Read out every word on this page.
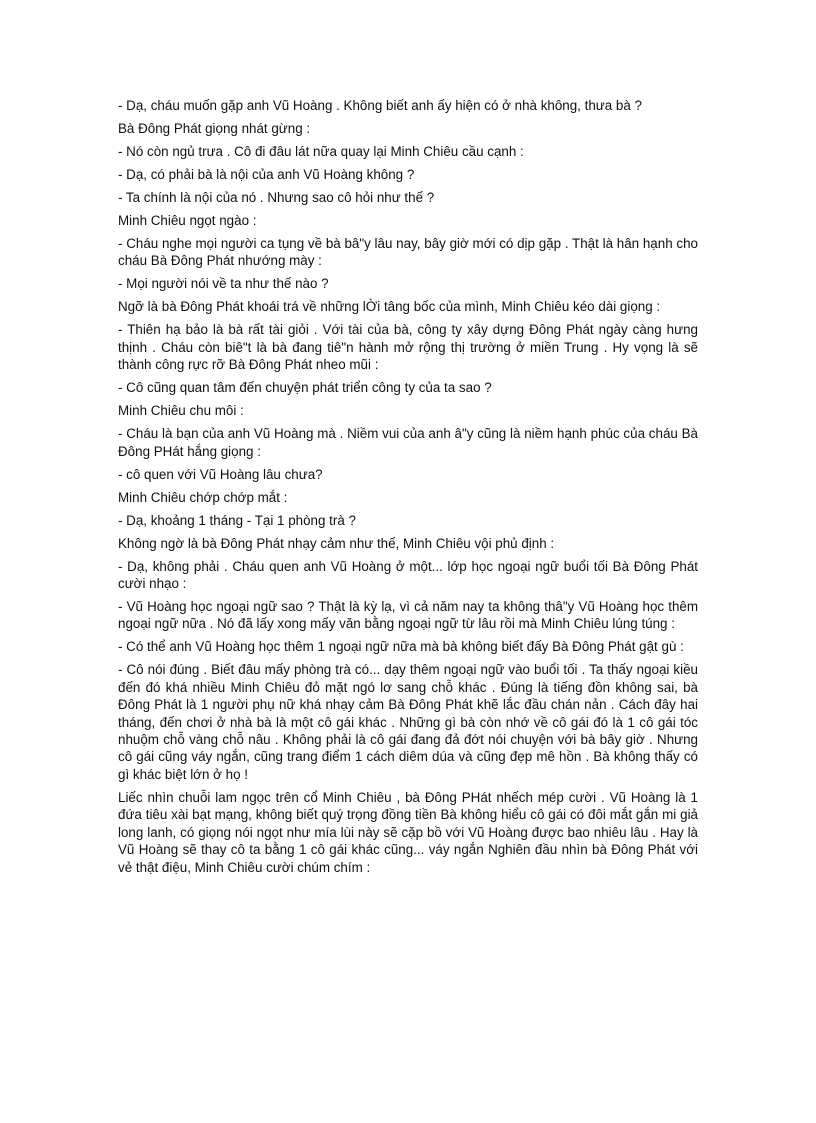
- Dạ, cháu muốn gặp anh Vũ Hoàng . Không biết anh ấy hiện có ở nhà không, thưa bà ?

Bà Đông Phát giọng nhát gừng :

- Nó còn ngủ trưa . Cô đi đâu lát nữa quay lại Minh Chiêu cầu cạnh :

- Dạ, có phải bà là nội của anh Vũ Hoàng không ?

- Ta chính là nội của nó . Nhưng sao cô hỏi như thế ?

Minh Chiêu ngọt ngào :

- Cháu nghe mọi người ca tụng về bà bâ"y lâu nay, bây giờ mới có dịp gặp . Thật là hân hạnh cho cháu Bà Đông Phát nhướng mày :

- Mọi người nói về ta như thế nào ?

Ngỡ là bà Đông Phát khoái trá về những lỜi tâng bốc của mình, Minh Chiêu kéo dài giọng :

- Thiên hạ bảo là bà rất tài giỏi . Với tài của bà, công ty xây dựng Đông Phát ngày càng hưng thịnh . Cháu còn biê"t là bà đang tiê"n hành mở rộng thị trường ở miền Trung . Hy vọng là sẽ thành công rực rỡ Bà Đông Phát nheo mũi :

- Cô cũng quan tâm đến chuyện phát triển công ty của ta sao ?

Minh Chiêu chu môi :

- Cháu là bạn của anh Vũ Hoàng mà . Niềm vui của anh â"y cũng là niềm hạnh phúc của cháu Bà Đông PHát hắng giọng :

- cô quen với Vũ Hoàng lâu chưa?

Minh Chiêu chớp chớp mắt :

- Dạ, khoảng 1 tháng - Tại 1 phòng trà ?

Không ngờ là bà Đông Phát nhạy cảm như thế, Minh Chiêu vội phủ định :

- Dạ, không phải . Cháu quen anh Vũ Hoàng ở một... lớp học ngoại ngữ buổi tối Bà Đông Phát cười nhạo :

- Vũ Hoàng học ngoại ngữ sao ? Thật là kỳ lạ, vì cả năm nay ta không thâ"y Vũ Hoàng học thêm ngoại ngữ nữa . Nó đã lấy xong mấy văn bằng ngoại ngữ từ lâu rồi mà Minh Chiêu lúng túng :

- Có thể anh Vũ Hoàng học thêm 1 ngoại ngữ nữa mà bà không biết đấy Bà Đông Phát gật gù :

- Cô nói đúng . Biết đâu mấy phòng trà có... dạy thêm ngoại ngữ vào buổi tối . Ta thấy ngoại kiều đến đó khá nhiều Minh Chiêu đỏ mặt ngó lơ sang chỗ khác . Đúng là tiếng đồn không sai, bà Đông Phát là 1 người phụ nữ khá nhạy cảm Bà Đông Phát khẽ lắc đầu chán nản . Cách đây hai tháng, đến chơi ở nhà bà là một cô gái khác . Những gì bà còn nhớ về cô gái đó là 1 cô gái tóc nhuộm chỗ vàng chỗ nâu . Không phải là cô gái đang đả đớt nói chuyện với bà bây giờ . Nhưng cô gái cũng váy ngắn, cũng trang điểm 1 cách diêm dúa và cũng đẹp mê hồn . Bà không thấy có gì khác biệt lớn ở họ !

Liếc nhìn chuỗi lam ngọc trên cổ Minh Chiêu , bà Đông PHát nhếch mép cười . Vũ Hoàng là 1 đứa tiêu xài bạt mạng, không biết quý trọng đồng tiền Bà không hiểu cô gái có đôi mắt gắn mi giả long lanh, có giọng nói ngọt như mía lùi này sẽ cặp bồ với Vũ Hoàng được bao nhiêu lâu . Hay là Vũ Hoàng sẽ thay cô ta bằng 1 cô gái khác cũng... váy ngắn Nghiên đầu nhìn bà Đông Phát với vẻ thật điệu, Minh Chiêu cười chúm chím :
